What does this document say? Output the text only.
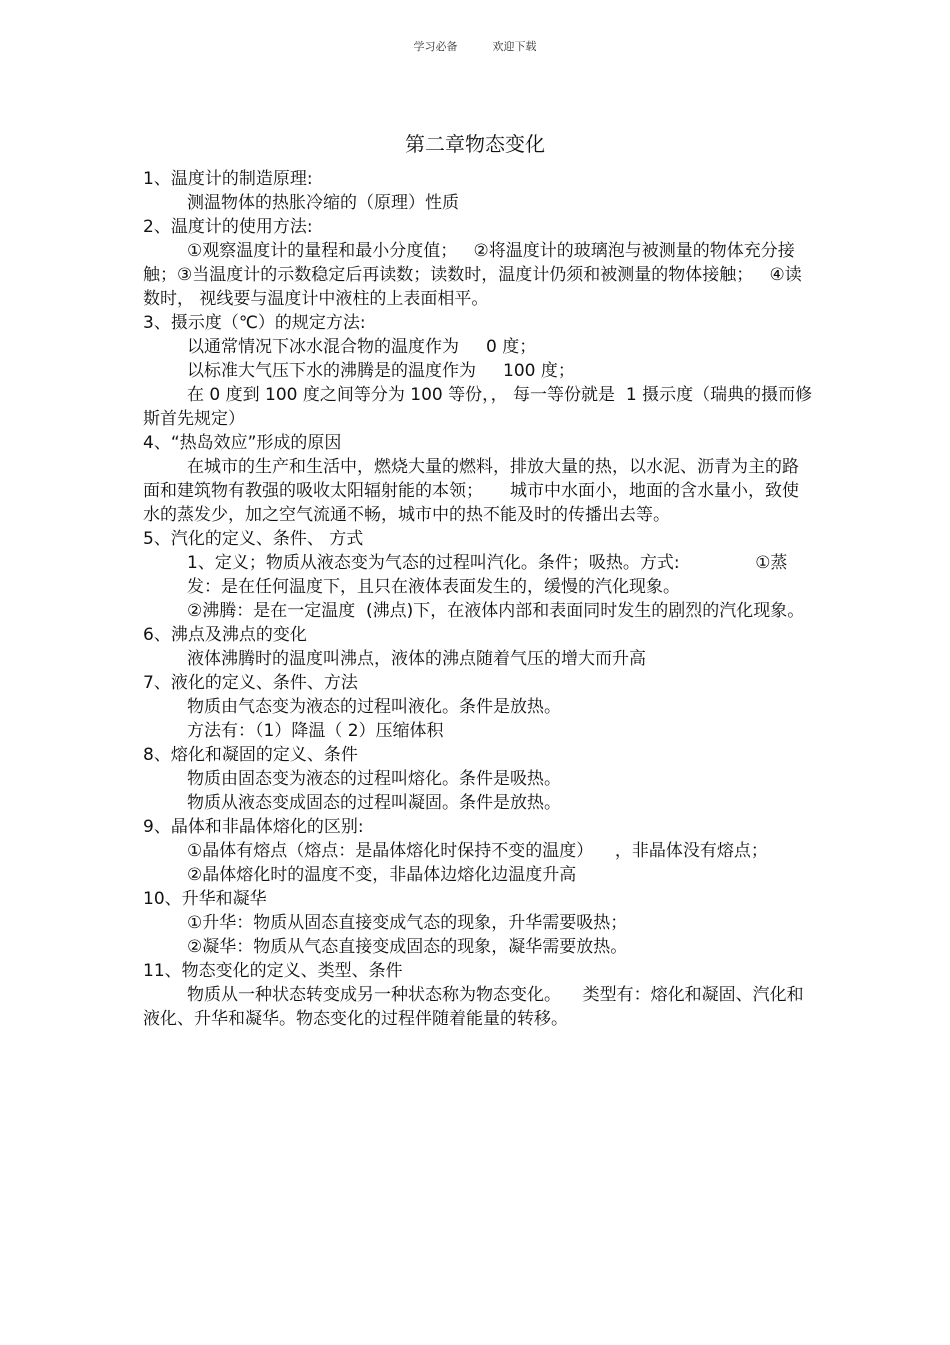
学习必备	欢迎下载
第二章物态变化

1、温度计的制造原理:

测温物体的热胀冷缩的（原理）性质

2、温度计的使用方法:

①观察温度计的量程和最小分度值；   ②将温度计的玻璃泡与被测量的物体充分接触；③当温度计的示数稳定后再读数；读数时，温度计仍须和被测量的物体接触；   ④读数时， 视线要与温度计中液柱的上表面相平。

3、摄示度（℃）的规定方法:

以通常情况下冰水混合物的温度作为     0 度；

以标准大气压下水的沸腾是的温度作为     100 度；

在 0 度到 100 度之间等分为 100 等份，， 每一等份就是  1 摄示度（瑞典的摄而修斯首先规定）

4、“热岛效应”形成的原因

在城市的生产和生活中，燃烧大量的燃料，排放大量的热，以水泥、沥青为主的路面和建筑物有教强的吸收太阳辐射能的本领；     城市中水面小，地面的含水量小，致使水的蒸发少，加之空气流通不畅，城市中的热不能及时的传播出去等。

5、汽化的定义、条件、 方式

1、定义；物质从液态变为气态的过程叫汽化。条件；吸热。方式:              ①蒸发：是在任何温度下，且只在液体表面发生的，缓慢的汽化现象。

②沸腾：是在一定温度  (沸点)下，在液体内部和表面同时发生的剧烈的汽化现象。

6、沸点及沸点的变化

液体沸腾时的温度叫沸点，液体的沸点随着气压的增大而升高

7、液化的定义、条件、方法

物质由气态变为液态的过程叫液化。条件是放热。

方法有：（1）降温（ 2）压缩体积

8、熔化和凝固的定义、条件

物质由固态变为液态的过程叫熔化。条件是吸热。

物质从液态变成固态的过程叫凝固。条件是放热。

9、晶体和非晶体熔化的区别:

①晶体有熔点（熔点：是晶体熔化时保持不变的温度）    ，非晶体没有熔点；

②晶体熔化时的温度不变，非晶体边熔化边温度升高

10、升华和凝华

①升华：物质从固态直接变成气态的现象，升华需要吸热；

②凝华：物质从气态直接变成固态的现象，凝华需要放热。

11、物态变化的定义、类型、条件

物质从一种状态转变成另一种状态称为物态变化。    类型有：熔化和凝固、汽化和液化、升华和凝华。物态变化的过程伴随着能量的转移。
